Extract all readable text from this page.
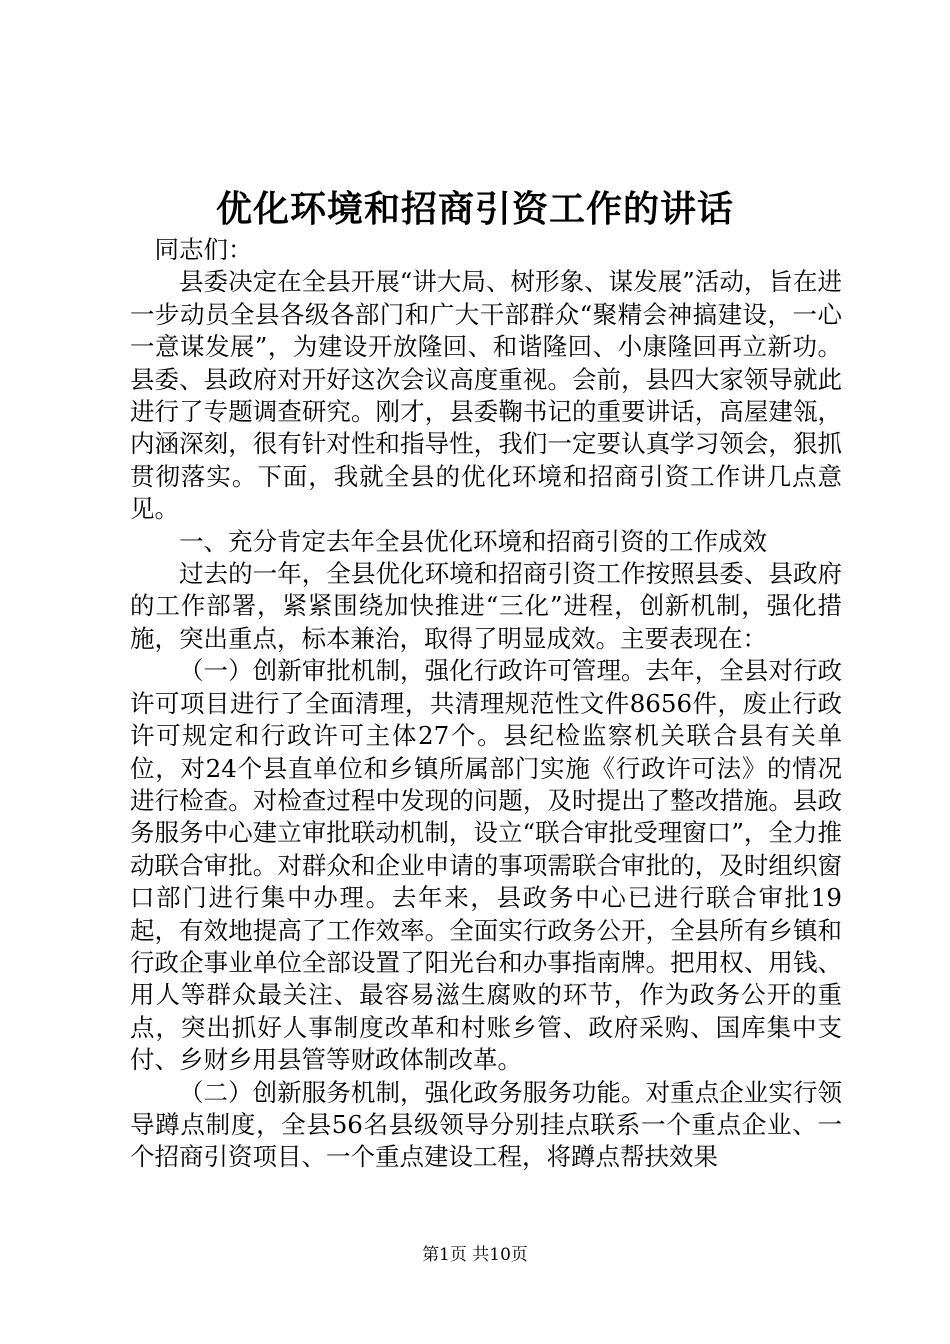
优化环境和招商引资工作的讲话

同志们：

县委决定在全县开展“讲大局、树形象、谋发展”活动，旨在进一步动员全县各级各部门和广大干部群众“聚精会神搞建设，一心一意谋发展”，为建设开放隆回、和谐隆回、小康隆回再立新功。县委、县政府对开好这次会议高度重视。会前，县四大家领导就此进行了专题调查研究。刚才，县委鞠书记的重要讲话，高屋建瓴，内涵深刻，很有针对性和指导性，我们一定要认真学习领会，狠抓贯彻落实。下面，我就全县的优化环境和招商引资工作讲几点意见。

一、充分肯定去年全县优化环境和招商引资的工作成效

过去的一年，全县优化环境和招商引资工作按照县委、县政府的工作部署，紧紧围绕加快推进“三化”进程，创新机制，强化措施，突出重点，标本兼治，取得了明显成效。主要表现在：

（一）创新审批机制，强化行政许可管理。去年，全县对行政许可项目进行了全面清理，共清理规范性文件8656件，废止行政许可规定和行政许可主体27个。县纪检监察机关联合县有关单位，对24个县直单位和乡镇所属部门实施《行政许可法》的情况进行检查。对检查过程中发现的问题，及时提出了整改措施。县政务服务中心建立审批联动机制，设立“联合审批受理窗口”，全力推动联合审批。对群众和企业申请的事项需联合审批的，及时组织窗口部门进行集中办理。去年来，县政务中心已进行联合审批19起，有效地提高了工作效率。全面实行政务公开，全县所有乡镇和行政企事业单位全部设置了阳光台和办事指南牌。把用权、用钱、用人等群众最关注、最容易滋生腐败的环节，作为政务公开的重点，突出抓好人事制度改革和村账乡管、政府采购、国库集中支付、乡财乡用县管等财政体制改革。

（二）创新服务机制，强化政务服务功能。对重点企业实行领导蹲点制度，全县56名县级领导分别挂点联系一个重点企业、一个招商引资项目、一个重点建设工程，将蹲点帮扶效果

第1页 共10页
